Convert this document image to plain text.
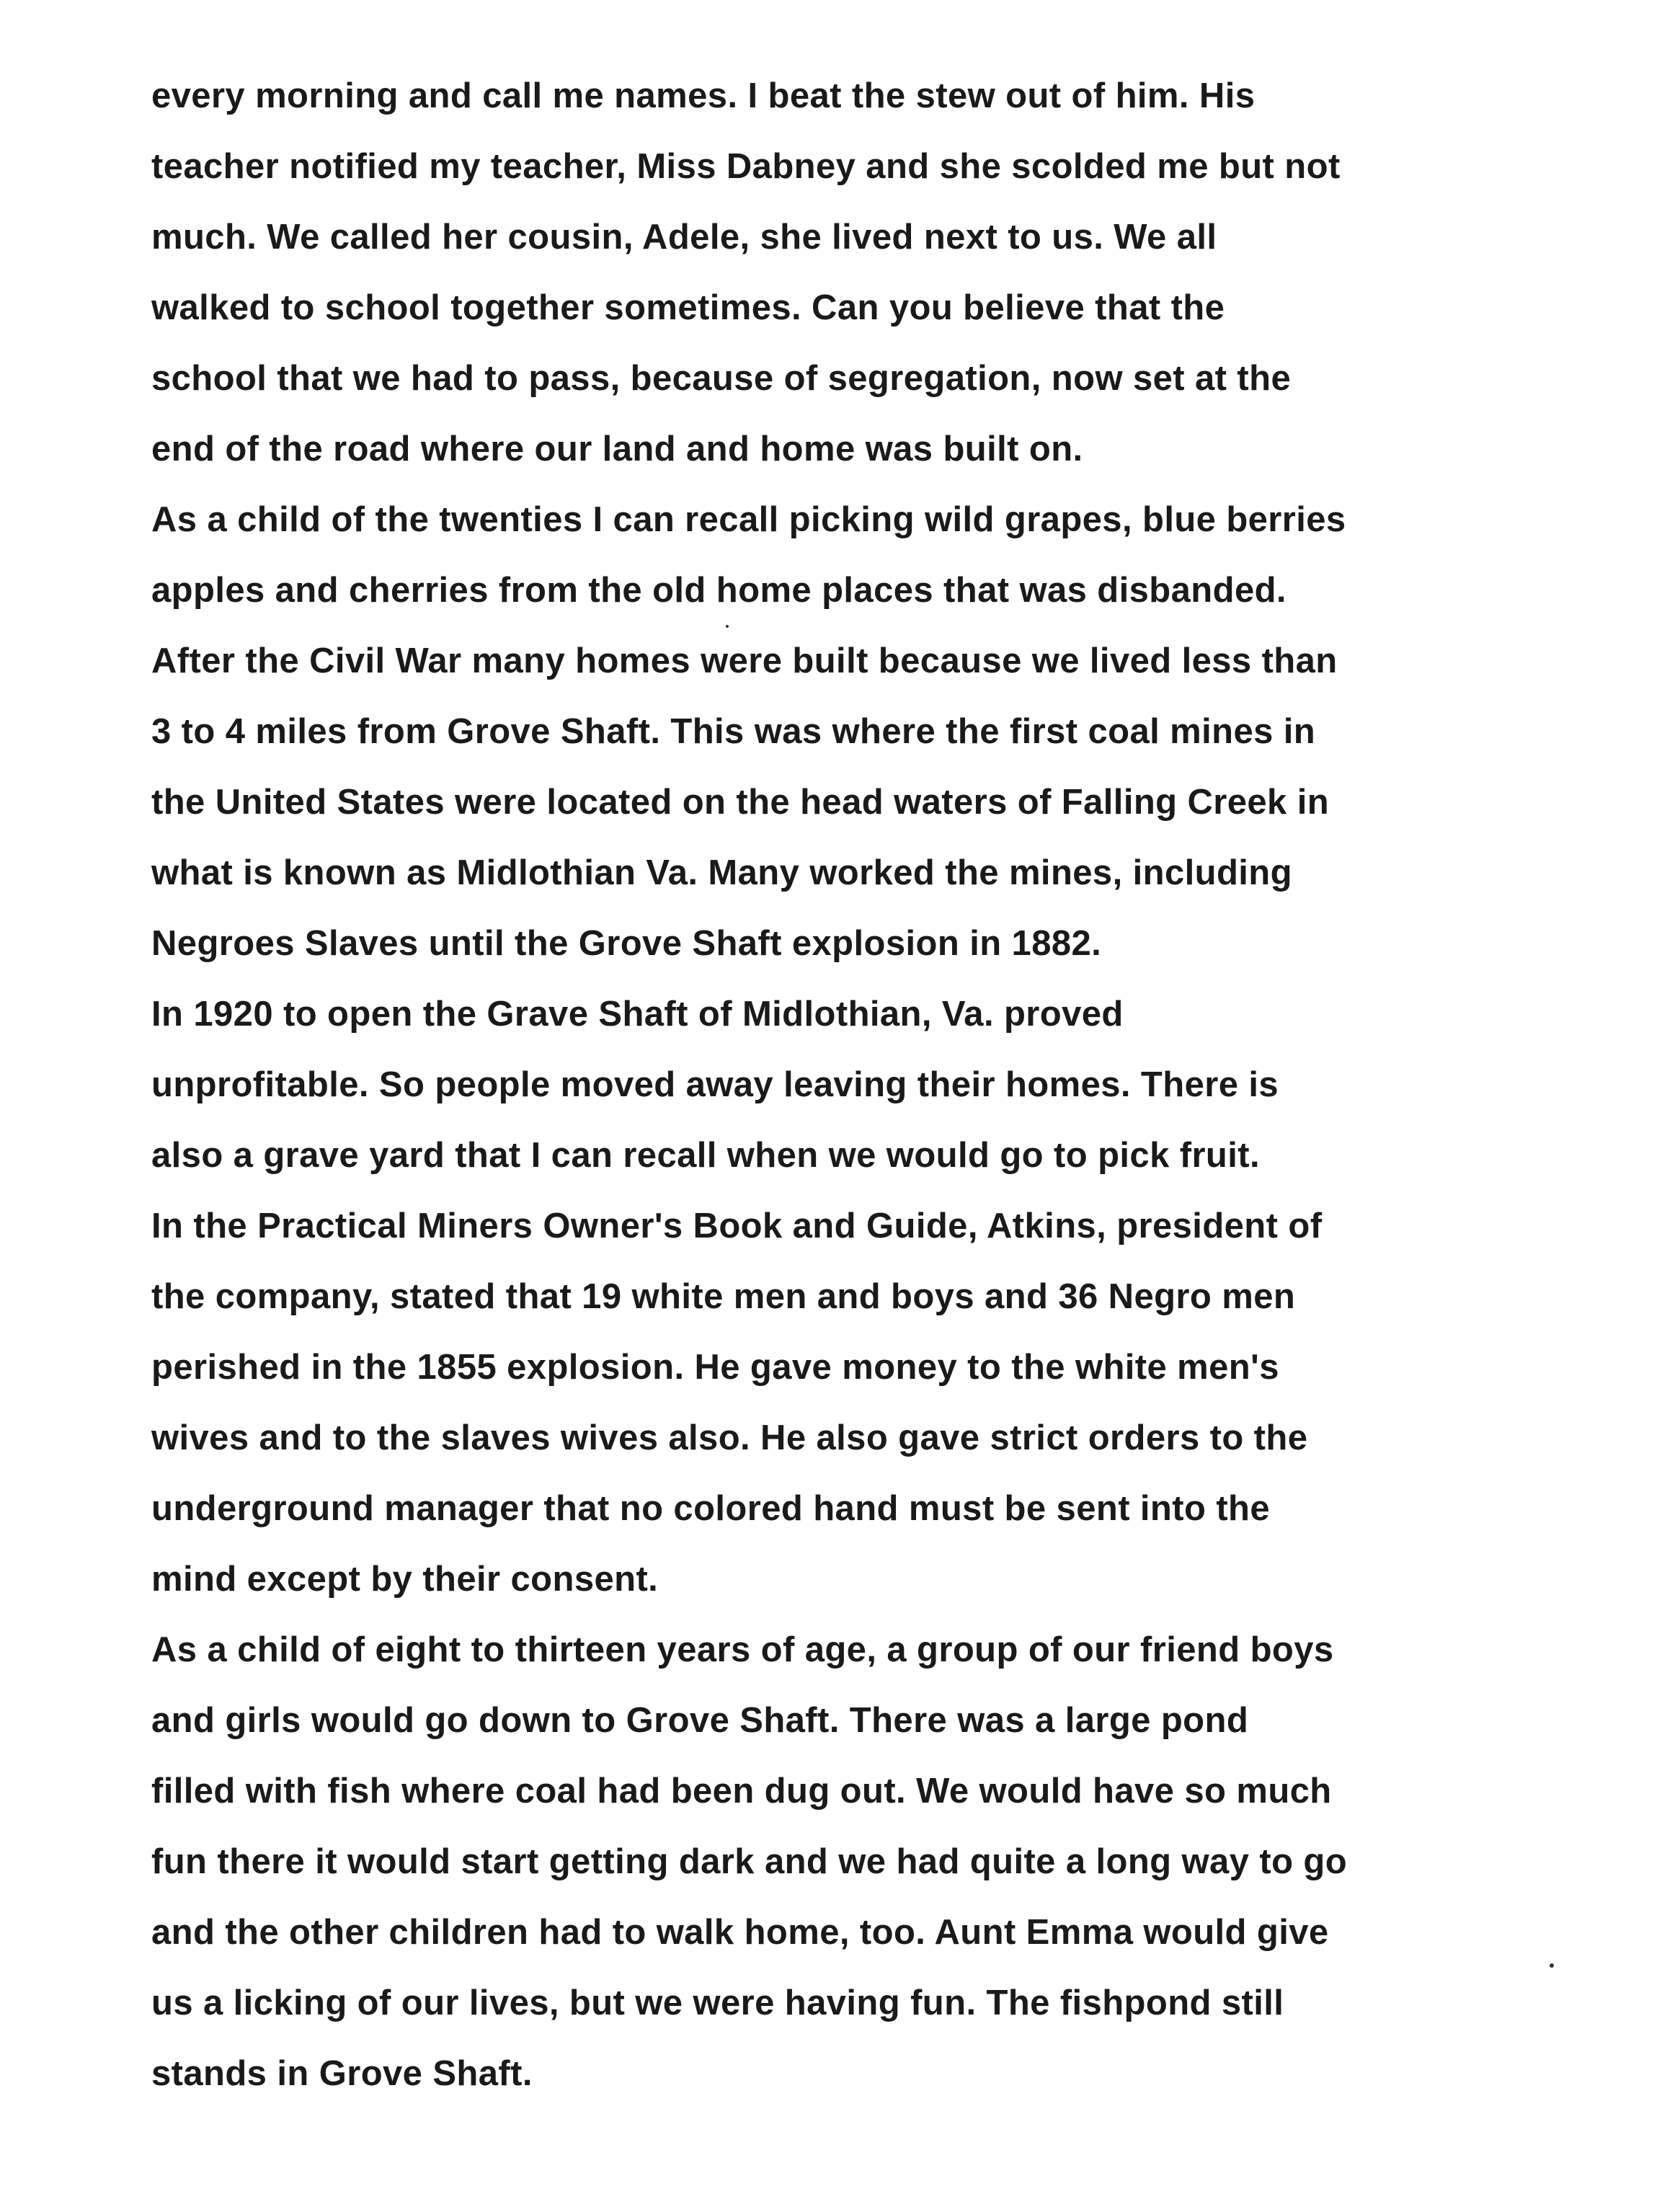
every morning and call me names. I beat the stew out of him. His
teacher notified my teacher, Miss Dabney and she scolded me but not
much. We called her cousin, Adele, she lived next to us. We all
walked to school together sometimes. Can you believe that the
school that we had to pass, because of segregation, now set at the
end of the road where our land and home was built on.
As a child of the twenties I can recall picking wild grapes, blue berries
apples and cherries from the old home places that was disbanded.
After the Civil War many homes were built because we lived less than
3 to 4 miles from Grove Shaft. This was where the first coal mines in
the United States were located on the head waters of Falling Creek in
what is known as Midlothian Va. Many worked the mines, including
Negroes Slaves until the Grove Shaft explosion in 1882.
In 1920 to open the Grave Shaft of Midlothian, Va. proved
unprofitable. So people moved away leaving their homes. There is
also a grave yard that I can recall when we would go to pick fruit.
In the Practical Miners Owner's Book and Guide, Atkins, president of
the company, stated that 19 white men and boys and 36 Negro men
perished in the 1855 explosion. He gave money to the white men's
wives and to the slaves wives also. He also gave strict orders to the
underground manager that no colored hand must be sent into the
mind except by their consent.
As a child of eight to thirteen years of age, a group of our friend boys
and girls would go down to Grove Shaft. There was a large pond
filled with fish where coal had been dug out. We would have so much
fun there it would start getting dark and we had quite a long way to go
and the other children had to walk home, too. Aunt Emma would give
us a licking of our lives, but we were having fun. The fishpond still
stands in Grove Shaft.
